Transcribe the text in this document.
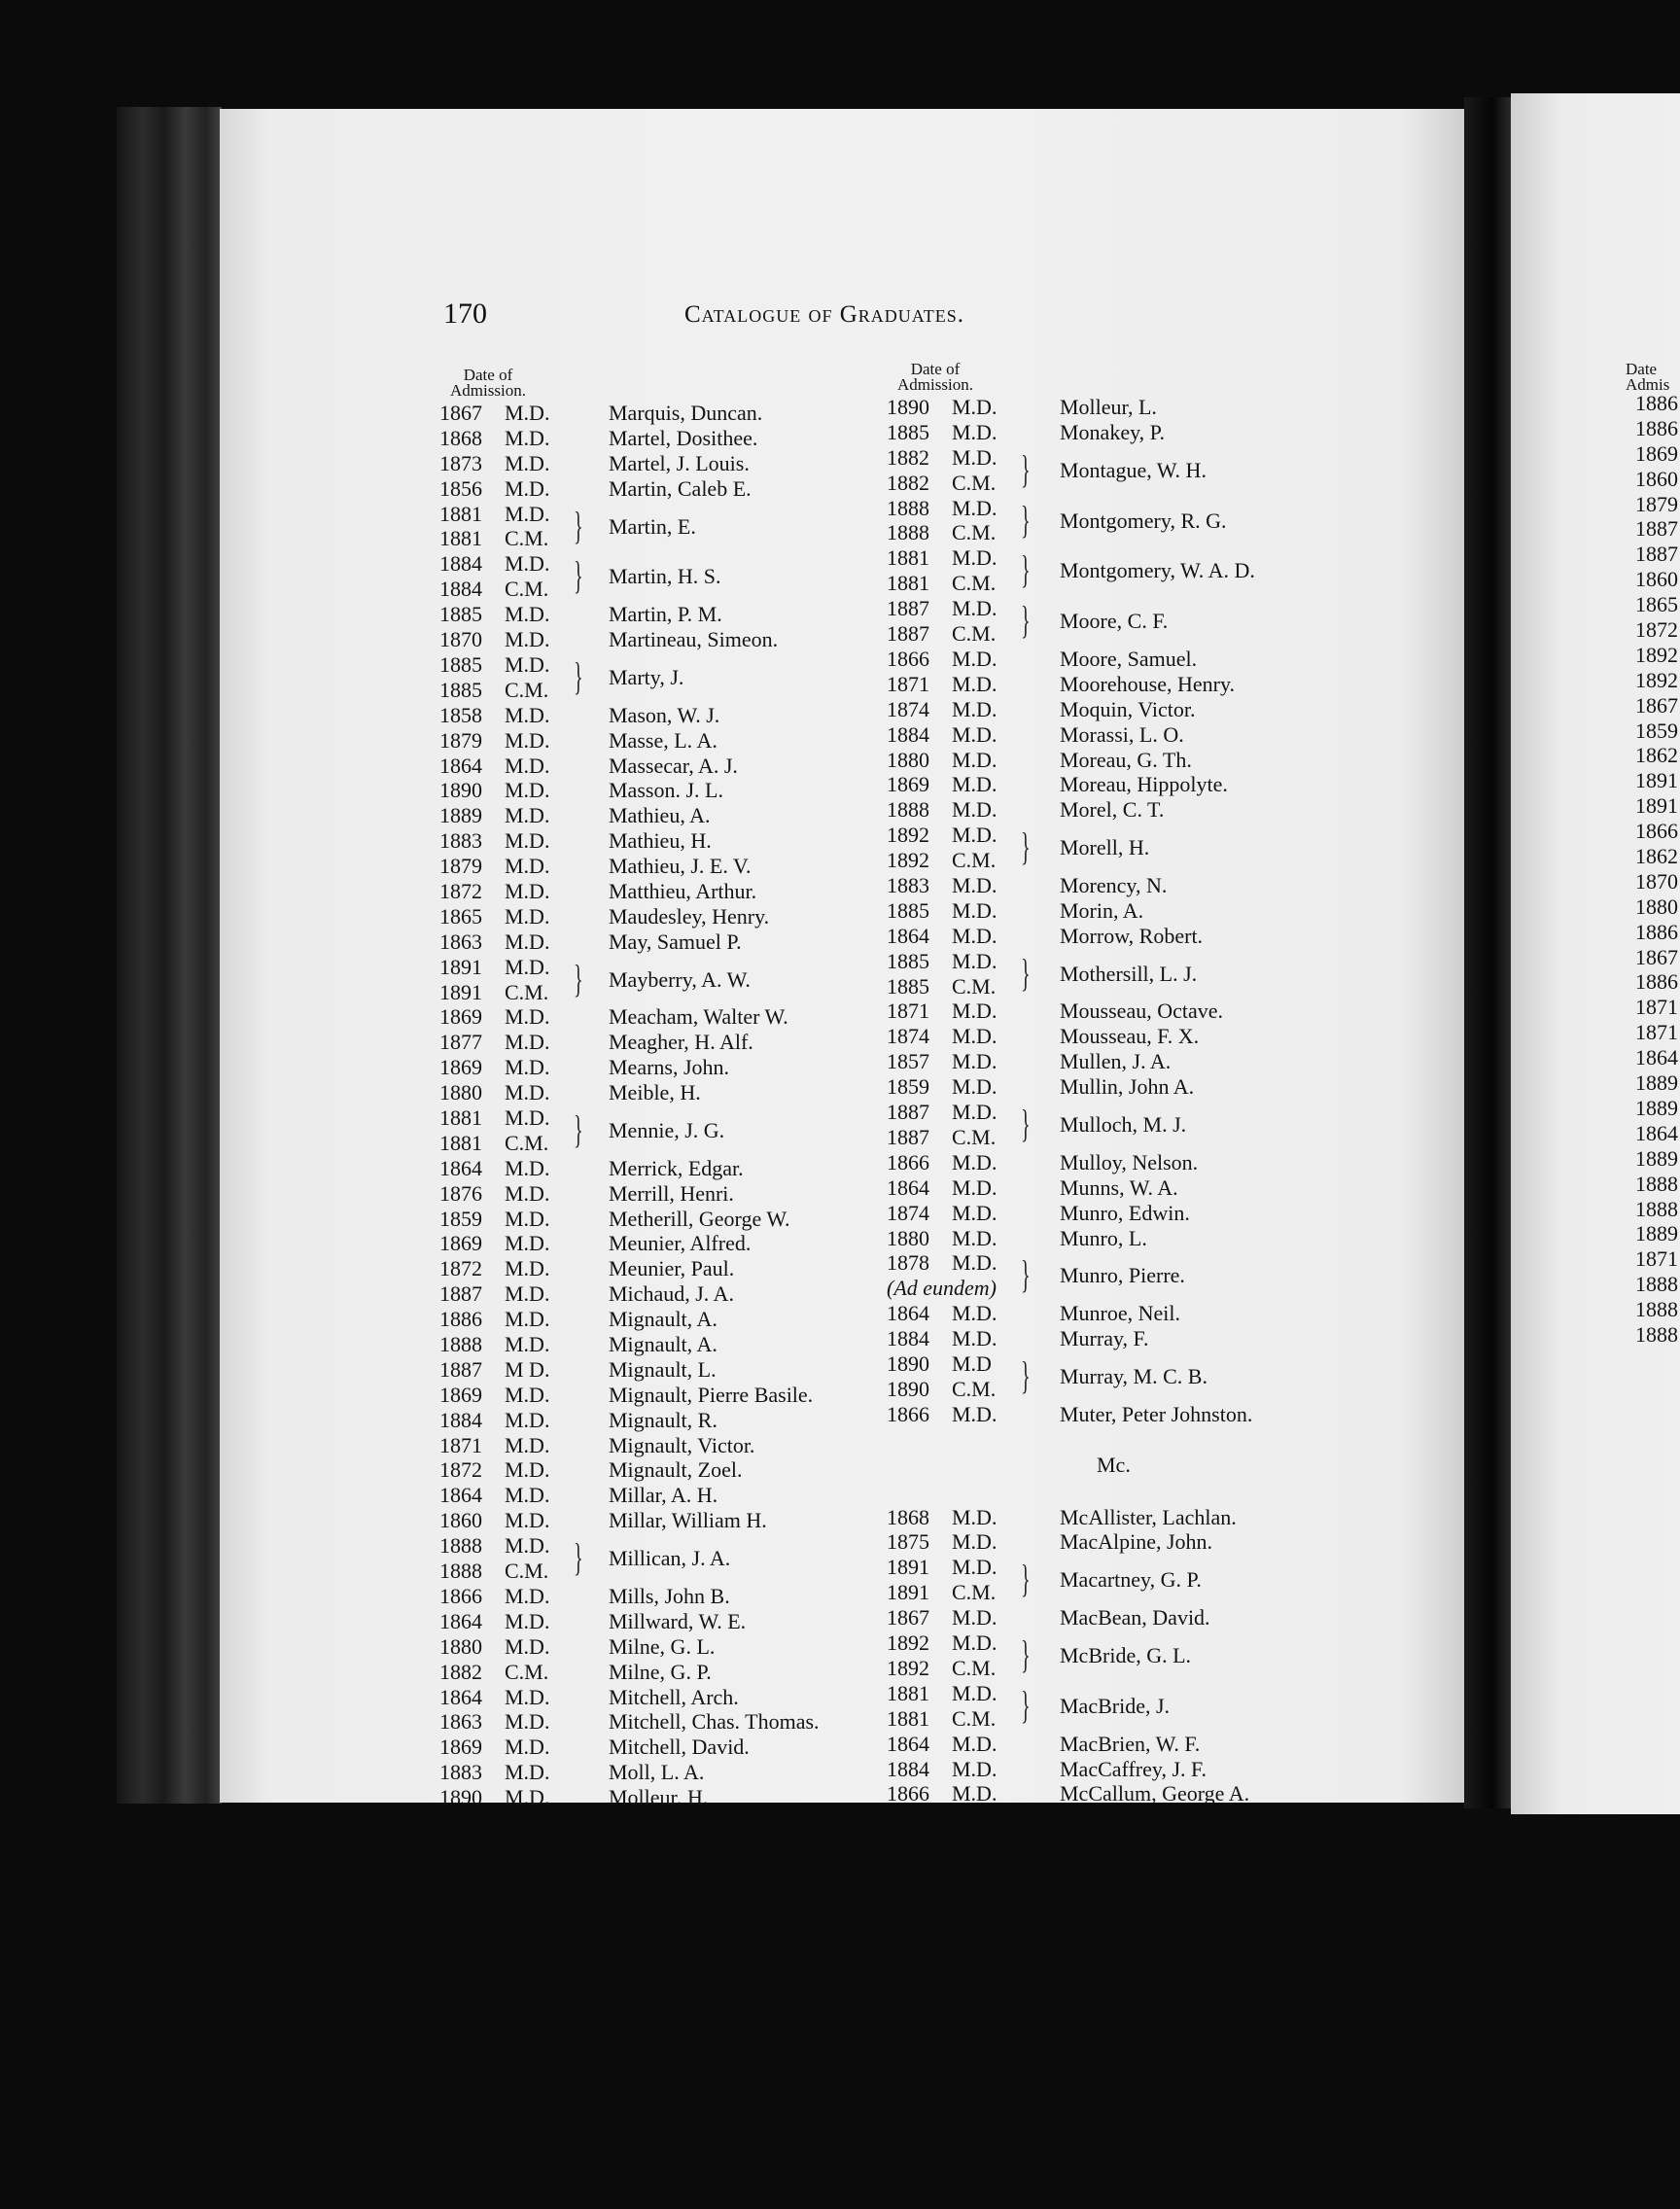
170	Catalogue of Graduates.
Date of
Admission.
1867 M.D.	Marquis, Duncan.
1868 M.D.	Martel, Dosithee.
1873 M.D.	Martel, J. Louis.
1856 M.D.	Martin, Caleb E.
1881 M.D.
1881 C.M. } Martin, E.
1884 M.D.
1884 C.M. } Martin, H. S.
1885 M.D.	Martin, P. M.
1870 M.D.	Martineau, Simeon.
1885 M.D.
1885 C.M. } Marty, J.
1858 M.D.	Mason, W. J.
1879 M.D.	Masse, L. A.
1864 M.D.	Massecar, A. J.
1890 M.D.	Masson. J. L.
1889 M.D.	Mathieu, A.
1883 M.D.	Mathieu, H.
1879 M.D.	Mathieu, J. E. V.
1872 M.D.	Matthieu, Arthur.
1865 M.D.	Maudesley, Henry.
1863 M.D.	May, Samuel P.
1891 M.D.
1891 C.M. } Mayberry, A. W.
1869 M.D.	Meacham, Walter W.
1877 M.D.	Meagher, H. Alf.
1869 M.D.	Mearns, John.
1880 M.D.	Meible, H.
1881 M.D.
1881 C.M. } Mennie, J. G.
1864 M.D.	Merrick, Edgar.
1876 M.D.	Merrill, Henri.
1859 M.D.	Metherill, George W.
1869 M.D.	Meunier, Alfred.
1872 M.D.	Meunier, Paul.
1887 M.D.	Michaud, J. A.
1886 M.D.	Mignault, A.
1888 M.D.	Mignault, A.
1887 M D.	Mignault, L.
1869 M.D.	Mignault, Pierre Basile.
1884 M.D.	Mignault, R.
1871 M.D.	Mignault, Victor.
1872 M.D.	Mignault, Zoel.
1864 M.D.	Millar, A. H.
1860 M.D.	Millar, William H.
1888 M.D.
1888 C.M. } Millican, J. A.
1866 M.D.	Mills, John B.
1864 M.D.	Millward, W. E.
1880 M.D.	Milne, G. L.
1882 C.M.	Milne, G. P.
1864 M.D.	Mitchell, Arch.
1863 M.D.	Mitchell, Chas. Thomas.
1869 M.D.	Mitchell, David.
1883 M.D.	Moll, L. A.
1890 M.D.	Molleur, H.
Date of
Admission.
1890 M.D.	Molleur, L.
1885 M.D.	Monakey, P.
1882 M.D.
1882 C.M. } Montague, W. H.
1888 M.D.
1888 C.M. } Montgomery, R. G.
1881 M.D.
1881 C.M. } Montgomery, W. A. D.
1887 M.D.
1887 C.M. } Moore, C. F.
1866 M.D.	Moore, Samuel.
1871 M.D.	Moorehouse, Henry.
1874 M.D.	Moquin, Victor.
1884 M.D.	Morassi, L. O.
1880 M.D.	Moreau, G. Th.
1869 M.D.	Moreau, Hippolyte.
1888 M.D.	Morel, C. T.
1892 M.D.
1892 C.M. } Morell, H.
1883 M.D.	Morency, N.
1885 M.D.	Morin, A.
1864 M.D.	Morrow, Robert.
1885 M.D.
1885 C.M. } Mothersill, L. J.
1871 M.D.	Mousseau, Octave.
1874 M.D.	Mousseau, F. X.
1857 M.D.	Mullen, J. A.
1859 M.D.	Mullin, John A.
1887 M.D.
1887 C.M. } Mulloch, M. J.
1866 M.D.	Mulloy, Nelson.
1864 M.D.	Munns, W. A.
1874 M.D.	Munro, Edwin.
1880 M.D.	Munro, L.
1878 M.D.
(Ad eundem) } Munro, Pierre.
1864 M.D.	Munroe, Neil.
1884 M.D.	Murray, F.
1890 M.D
1890 C.M. } Murray, M. C. B.
1866 M.D.	Muter, Peter Johnston.
Mc.
1868 M.D.	McAllister, Lachlan.
1875 M.D.	MacAlpine, John.
1891 M.D.
1891 C.M. } Macartney, G. P.
1867 M.D.	MacBean, David.
1892 M.D.
1892 C.M. } McBride, G. L.
1881 M.D.
1881 C.M. } MacBride, J.
1864 M.D.	MacBrien, W. F.
1884 M.D.	MacCaffrey, J. F.
1866 M.D.	McCallum, George A.
Date
Admis
1886
1886
1869
1860
1879
1887
1887
1860
1865
1872
1892
1892
1867
1859
1862
1891
1891
1866
1862
1870
1880
1886
1867
1886
1871
1871
1864
1889
1889
1864
1889
1888
1888
1889
1871
1888
1888
1888
